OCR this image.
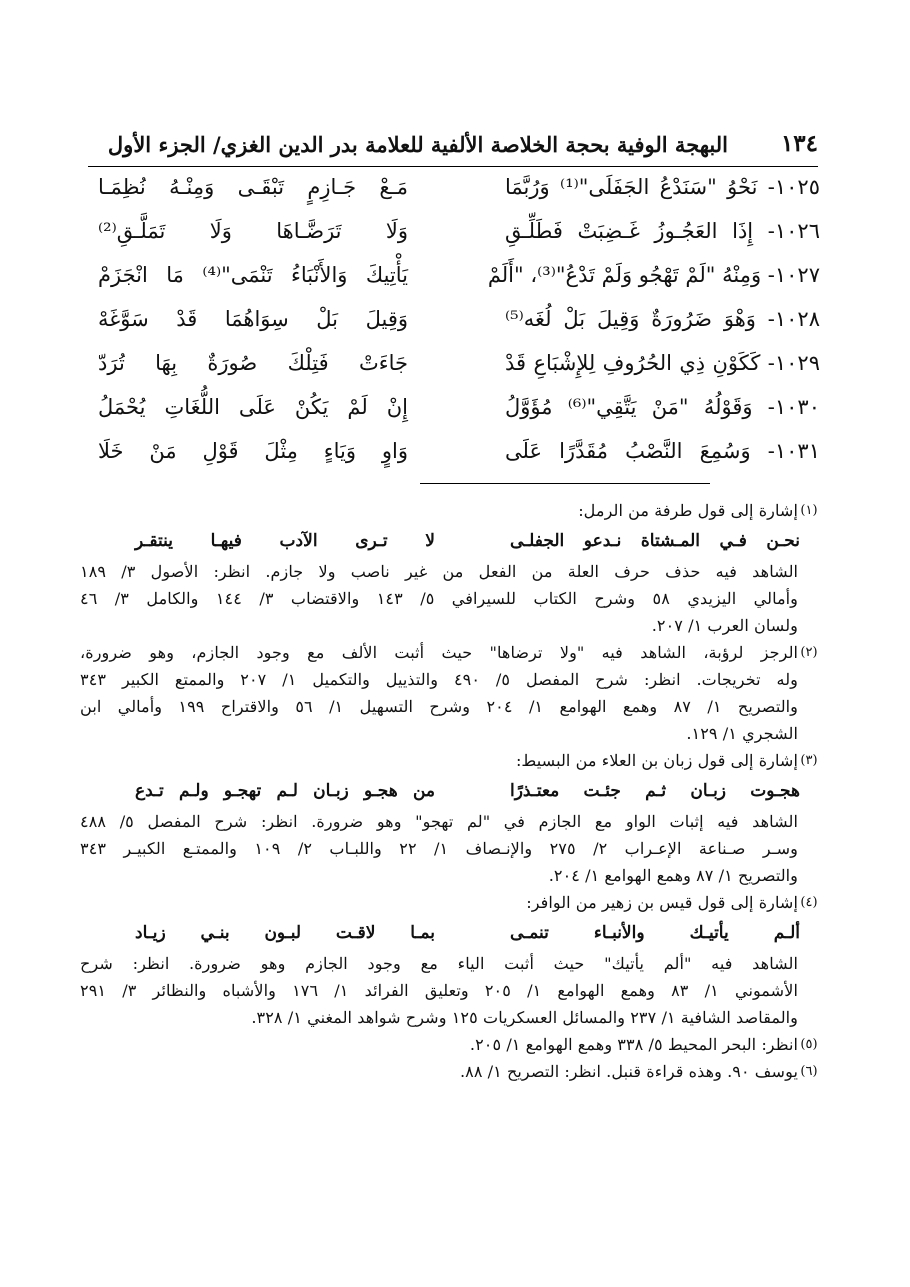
البهجة الوفية بحجة الخلاصة الألفية للعلامة بدر الدين الغزي/ الجزء الأول ١٣٤
١٠٢٥- نَحْوُ "سَنَدْعُ الجَفَلَى"⁽¹⁾ وَرُبَّمَا
مَـعْ جَـازِمٍ تَبْقَـى وَمِنْـهُ نُظِمَـا
١٠٢٦- إِذَا العَجُـوزُ غَـضِبَتْ فَطَلِّـقِ
وَلَا تَرَضَّـاهَا وَلَا تَمَلَّـقِ⁽²⁾
١٠٢٧- وَمِنْهُ "لَمْ تَهْجُو وَلَمْ تَدْعُ"⁽³⁾، "أَلَمْ
يَأْتِيكَ وَالأَنْبَاءُ تَنْمَى"⁽⁴⁾ مَا انْجَزَمْ
١٠٢٨- وَهْوَ ضَرُورَةٌ وَقِيلَ بَلْ لُغَه⁽⁵⁾
وَقِيلَ بَلْ سِوَاهُمَا قَدْ سَوَّغَهْ
١٠٢٩- كَكَوْنِ ذِي الحُرُوفِ لِلإِشْبَاعِ قَدْ
جَاءَتْ فَتِلْكَ صُورَةٌ بِهَا تُرَدّ
١٠٣٠- وَقَوْلُهُ "مَنْ يَتَّقِي"⁽⁶⁾ مُؤَوَّلُ
إِنْ لَمْ يَكُنْ عَلَى اللُّغَاتِ يُحْمَلُ
١٠٣١- وَسُمِعَ النَّصْبُ مُقَدَّرًا عَلَى
وَاوٍ وَيَاءٍ مِثْلَ قَوْلِ مَنْ خَلَا
(١)
إشارة إلى قول طرفة من الرمل:
نحـن فـي المـشتاة نـدعو الجفلـى
لا تـرى الآدب فيهـا ينتقـر
الشاهد فيه حذف حرف العلة من الفعل من غير ناصب ولا جازم. انظر: الأصول ٣/ ١٨٩
وأمالي اليزيدي ٥٨ وشرح الكتاب للسيرافي ٥/ ١٤٣ والاقتضاب ٣/ ١٤٤ والكامل ٣/ ٤٦
ولسان العرب ١/ ٢٠٧.
(٢)
الرجز لرؤبة، الشاهد فيه "ولا ترضاها" حيث أثبت الألف مع وجود الجازم، وهو ضرورة،
وله تخريجات. انظر: شرح المفصل ٥/ ٤٩٠ والتذييل والتكميل ١/ ٢٠٧ والممتع الكبير ٣٤٣
والتصريح ١/ ٨٧ وهمع الهوامع ١/ ٢٠٤ وشرح التسهيل ١/ ٥٦ والاقتراح ١٩٩ وأمالي ابن
الشجري ١/ ١٢٩.
(٣)
إشارة إلى قول زبان بن العلاء من البسيط:
هجـوت زبـان ثـم جئـت معتـذرًا
من هجـو زبـان لـم تهجـو ولـم تـدع
الشاهد فيه إثبات الواو مع الجازم في "لم تهجو" وهو ضرورة. انظر: شرح المفصل ٥/ ٤٨٨
وسـر صـناعة الإعـراب ٢/ ٢٧٥ والإنـصاف ١/ ٢٢ واللبـاب ٢/ ١٠٩ والممتـع الكبيـر ٣٤٣
والتصريح ١/ ٨٧ وهمع الهوامع ١/ ٢٠٤.
(٤)
إشارة إلى قول قيس بن زهير من الوافر:
ألـم يأتيـك والأنبـاء تنمـى
بمـا لاقـت لبـون بنـي زيـاد
الشاهد فيه "ألم يأتيك" حيث أثبت الياء مع وجود الجازم وهو ضرورة. انظر: شرح
الأشموني ١/ ٨٣ وهمع الهوامع ١/ ٢٠٥ وتعليق الفرائد ١/ ١٧٦ والأشباه والنظائر ٣/ ٢٩١
والمقاصد الشافية ١/ ٢٣٧ والمسائل العسكريات ١٢٥ وشرح شواهد المغني ١/ ٣٢٨.
(٥)
انظر: البحر المحيط ٥/ ٣٣٨ وهمع الهوامع ١/ ٢٠٥.
(٦)
يوسف ٩٠. وهذه قراءة قنبل. انظر: التصريح ١/ ٨٨.
